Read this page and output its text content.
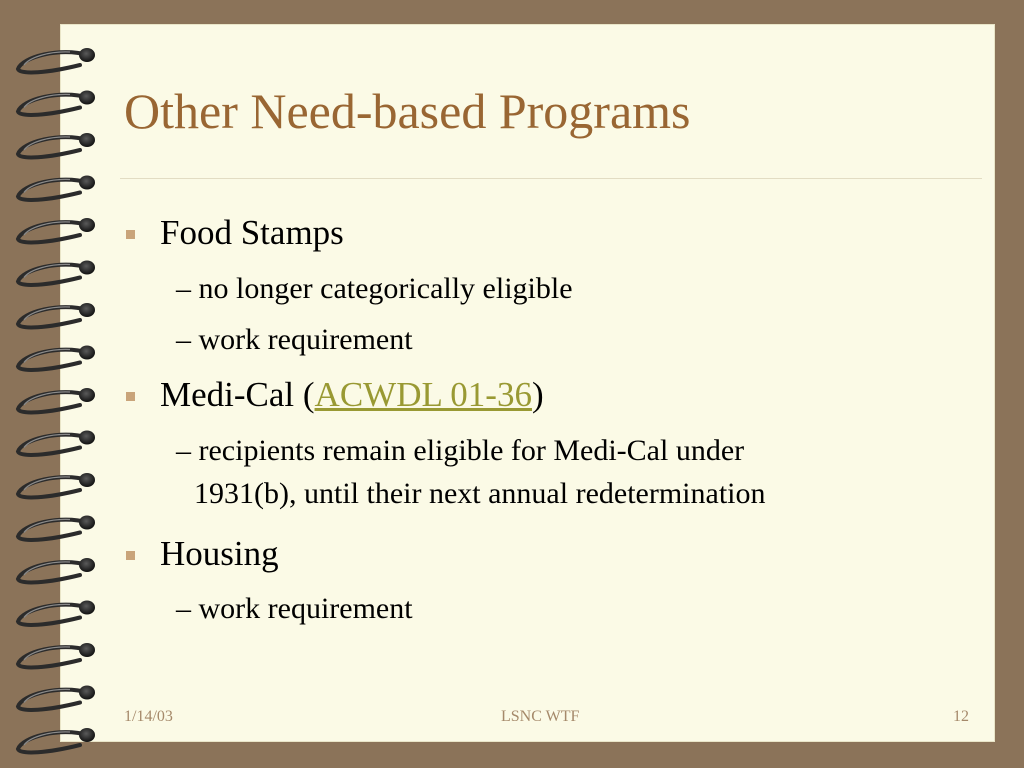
Other Need-based Programs
Food Stamps
– no longer categorically eligible
– work requirement
Medi-Cal (ACWDL 01-36)
– recipients remain eligible for Medi-Cal under
1931(b), until their next annual redetermination
Housing
– work requirement
1/14/03	LSNC WTF	12
